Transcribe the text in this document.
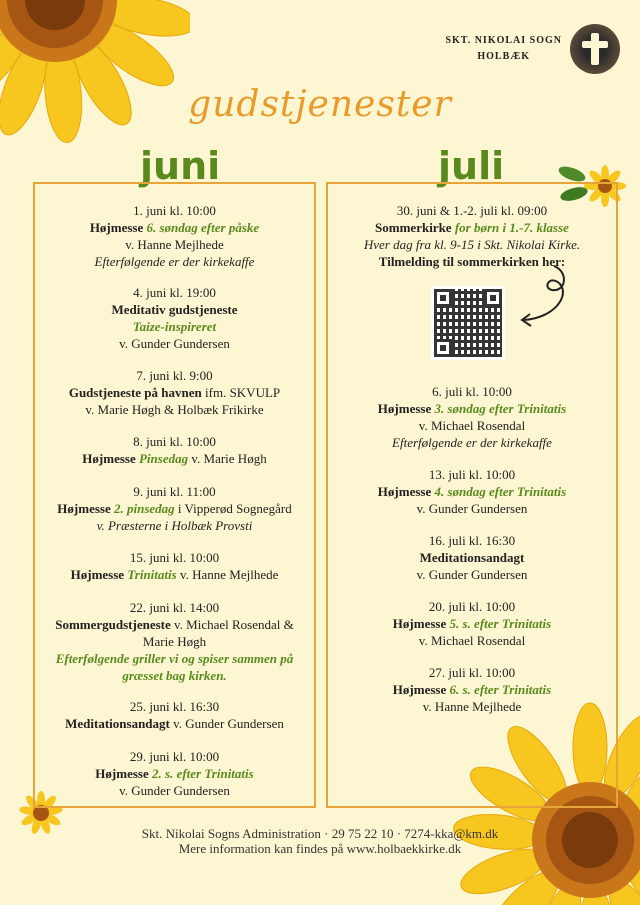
SKT. NIKOLAI SOGN
HOLBÆK
gudstjenester
juni	juli
1. juni kl. 10:00
Højmesse 6. søndag efter påske
v. Hanne Mejlhede
Efterfølgende er der kirkekaffe
4. juni kl. 19:00
Meditativ gudstjeneste
Taize-inspireret
v. Gunder Gundersen
7. juni kl. 9:00
Gudstjeneste på havnen ifm. SKVULP
v. Marie Høgh & Holbæk Frikirke
8. juni kl. 10:00
Højmesse Pinsedag v. Marie Høgh
9. juni kl. 11:00
Højmesse 2. pinsedag i Vipperød Sognegård
v. Præsterne i Holbæk Provsti
15. juni kl. 10:00
Højmesse Trinitatis v. Hanne Mejlhede
22. juni kl. 14:00
Sommergudstjeneste v. Michael Rosendal &
Marie Høgh
Efterfølgende griller vi og spiser sammen på græsset bag kirken.
25. juni kl. 16:30
Meditationsandagt v. Gunder Gundersen
29. juni kl. 10:00
Højmesse 2. s. efter Trinitatis
v. Gunder Gundersen
30. juni & 1.-2. juli kl. 09:00
Sommerkirke for børn i 1.-7. klasse
Hver dag fra kl. 9-15 i Skt. Nikolai Kirke.
Tilmelding til sommerkirken her:
6. juli kl. 10:00
Højmesse 3. søndag efter Trinitatis
v. Michael Rosendal
Efterfølgende er der kirkekaffe
13. juli kl. 10:00
Højmesse 4. søndag efter Trinitatis
v. Gunder Gundersen
16. juli kl. 16:30
Meditationsandagt
v. Gunder Gundersen
20. juli kl. 10:00
Højmesse 5. s. efter Trinitatis
v. Michael Rosendal
27. juli kl. 10:00
Højmesse 6. s. efter Trinitatis
v. Hanne Mejlhede
Skt. Nikolai Sogns Administration · 29 75 22 10 · 7274-kka@km.dk
Mere information kan findes på www.holbaekkirke.dk
